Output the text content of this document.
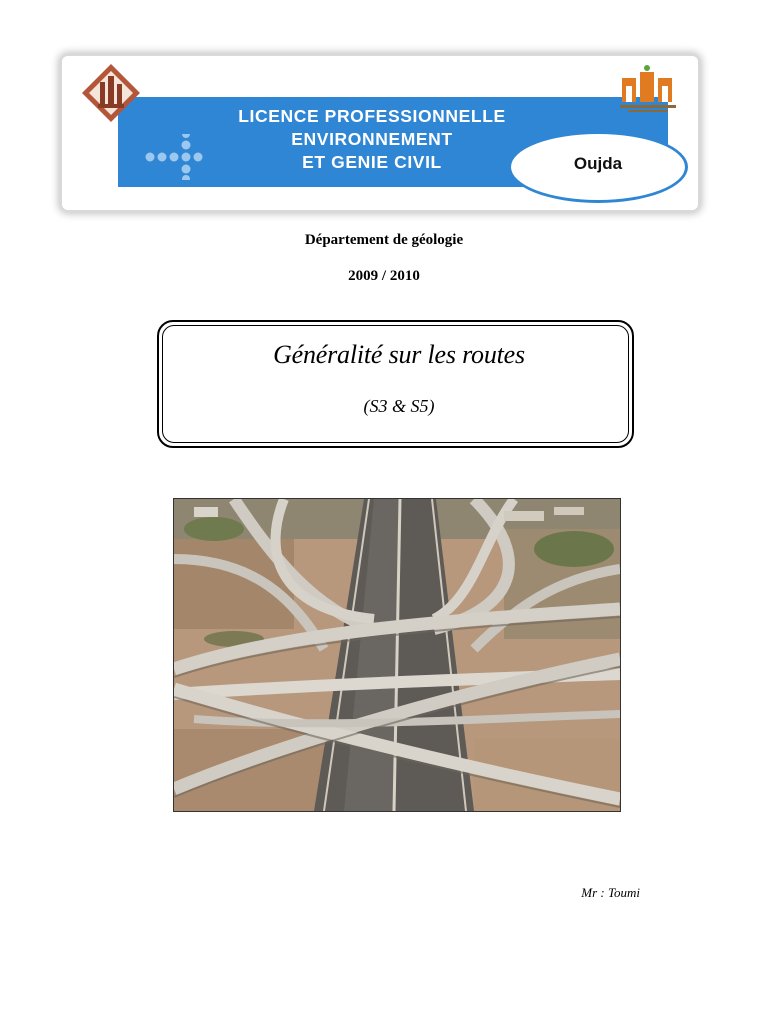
LICENCE PROFESSIONNELLE
ENVIRONNEMENT
ET GENIE CIVIL	Oujda
Département de géologie
2009 / 2010
Généralité sur les routes
(S3 & S5)
Mr : Toumi
